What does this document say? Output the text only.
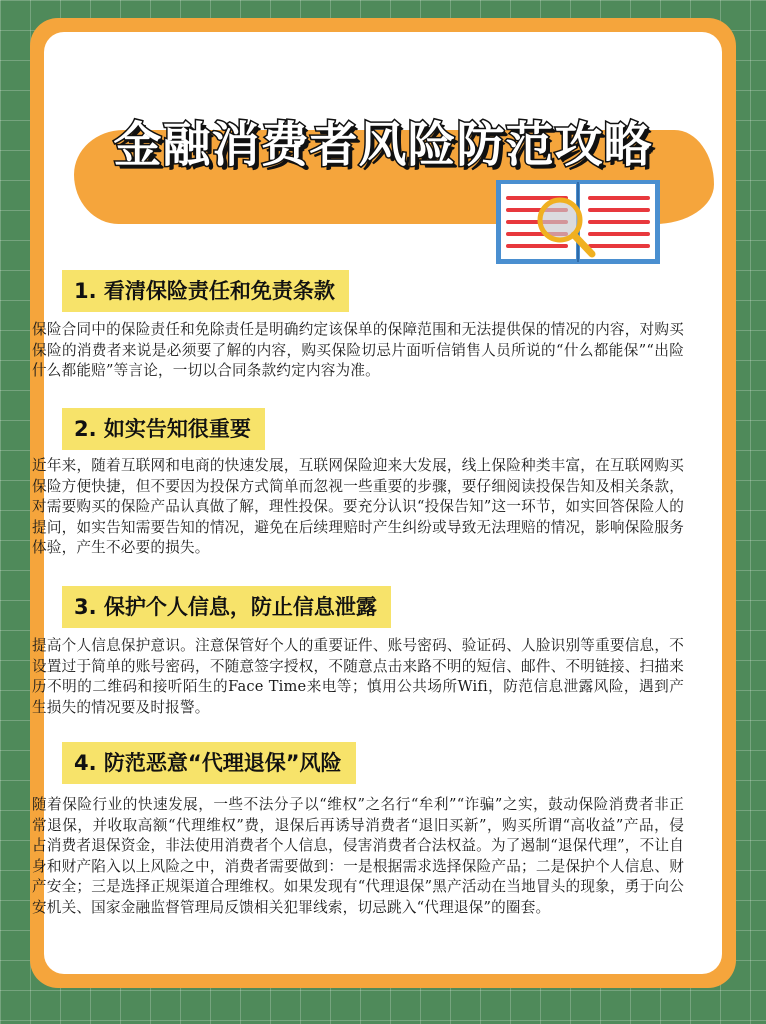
金融消费者风险防范攻略
1. 看清保险责任和免责条款
保险合同中的保险责任和免除责任是明确约定该保单的保障范围和无法提供保的情况的内容，对购买保险的消费者来说是必须要了解的内容，购买保险切忌片面听信销售人员所说的“什么都能保”“出险什么都能赔”等言论，一切以合同条款约定内容为准。
2. 如实告知很重要
近年来，随着互联网和电商的快速发展，互联网保险迎来大发展，线上保险种类丰富，在互联网购买保险方便快捷，但不要因为投保方式简单而忽视一些重要的步骤，要仔细阅读投保告知及相关条款，对需要购买的保险产品认真做了解，理性投保。要充分认识“投保告知”这一环节，如实回答保险人的提问，如实告知需要告知的情况，避免在后续理赔时产生纠纷或导致无法理赔的情况，影响保险服务体验，产生不必要的损失。
3. 保护个人信息，防止信息泄露
提高个人信息保护意识。注意保管好个人的重要证件、账号密码、验证码、人脸识别等重要信息，不设置过于简单的账号密码，不随意签字授权，不随意点击来路不明的短信、邮件、不明链接、扫描来历不明的二维码和接听陌生的Face Time来电等；慎用公共场所Wifi，防范信息泄露风险，遇到产生损失的情况要及时报警。
4. 防范恶意“代理退保”风险
随着保险行业的快速发展，一些不法分子以“维权”之名行“牟利”“诈骗”之实，鼓动保险消费者非正常退保，并收取高额“代理维权”费，退保后再诱导消费者“退旧买新”，购买所谓“高收益”产品，侵占消费者退保资金，非法使用消费者个人信息，侵害消费者合法权益。为了遏制“退保代理”，不让自身和财产陷入以上风险之中，消费者需要做到：一是根据需求选择保险产品；二是保护个人信息、财产安全；三是选择正规渠道合理维权。如果发现有“代理退保”黑产活动在当地冒头的现象，勇于向公安机关、国家金融监督管理局反馈相关犯罪线索，切忌跳入“代理退保”的圈套。
